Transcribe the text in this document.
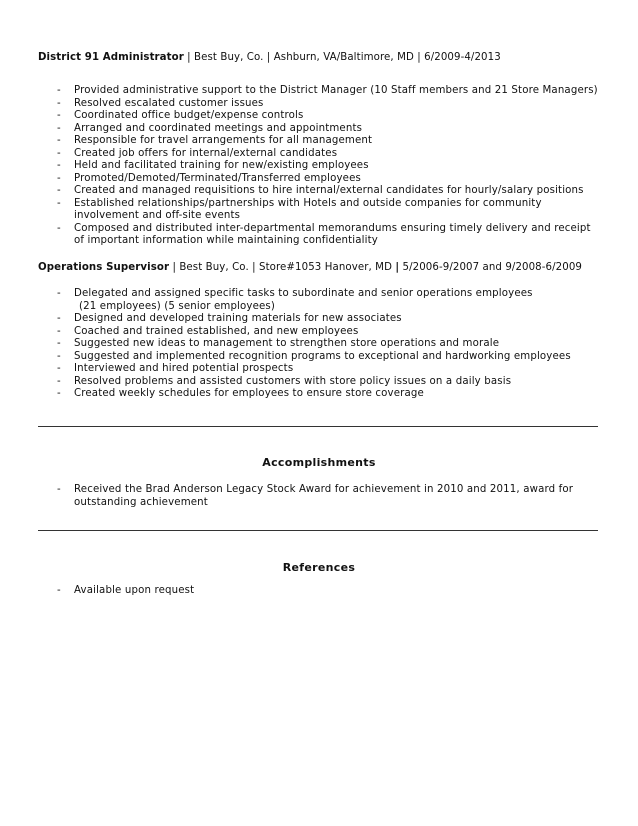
District 91 Administrator | Best Buy, Co. | Ashburn, VA/Baltimore, MD | 6/2009-4/2013
- Provided administrative support to the District Manager (10 Staff members and 21 Store Managers)
- Resolved escalated customer issues
- Coordinated office budget/expense controls
- Arranged and coordinated meetings and appointments
- Responsible for travel arrangements for all management
- Created job offers for internal/external candidates
- Held and facilitated training for new/existing employees
- Promoted/Demoted/Terminated/Transferred employees
- Created and managed requisitions to hire internal/external candidates for hourly/salary positions
- Established relationships/partnerships with Hotels and outside companies for community
involvement and off-site events
- Composed and distributed inter-departmental memorandums ensuring timely delivery and receipt
of important information while maintaining confidentiality
Operations Supervisor | Best Buy, Co. | Store#1053 Hanover, MD | 5/2006-9/2007 and 9/2008-6/2009
- Delegated and assigned specific tasks to subordinate and senior operations employees
(21 employees) (5 senior employees)
- Designed and developed training materials for new associates
- Coached and trained established, and new employees
- Suggested new ideas to management to strengthen store operations and morale
- Suggested and implemented recognition programs to exceptional and hardworking employees
- Interviewed and hired potential prospects
- Resolved problems and assisted customers with store policy issues on a daily basis
- Created weekly schedules for employees to ensure store coverage
Accomplishments
- Received the Brad Anderson Legacy Stock Award for achievement in 2010 and 2011, award for
outstanding achievement
References
- Available upon request
